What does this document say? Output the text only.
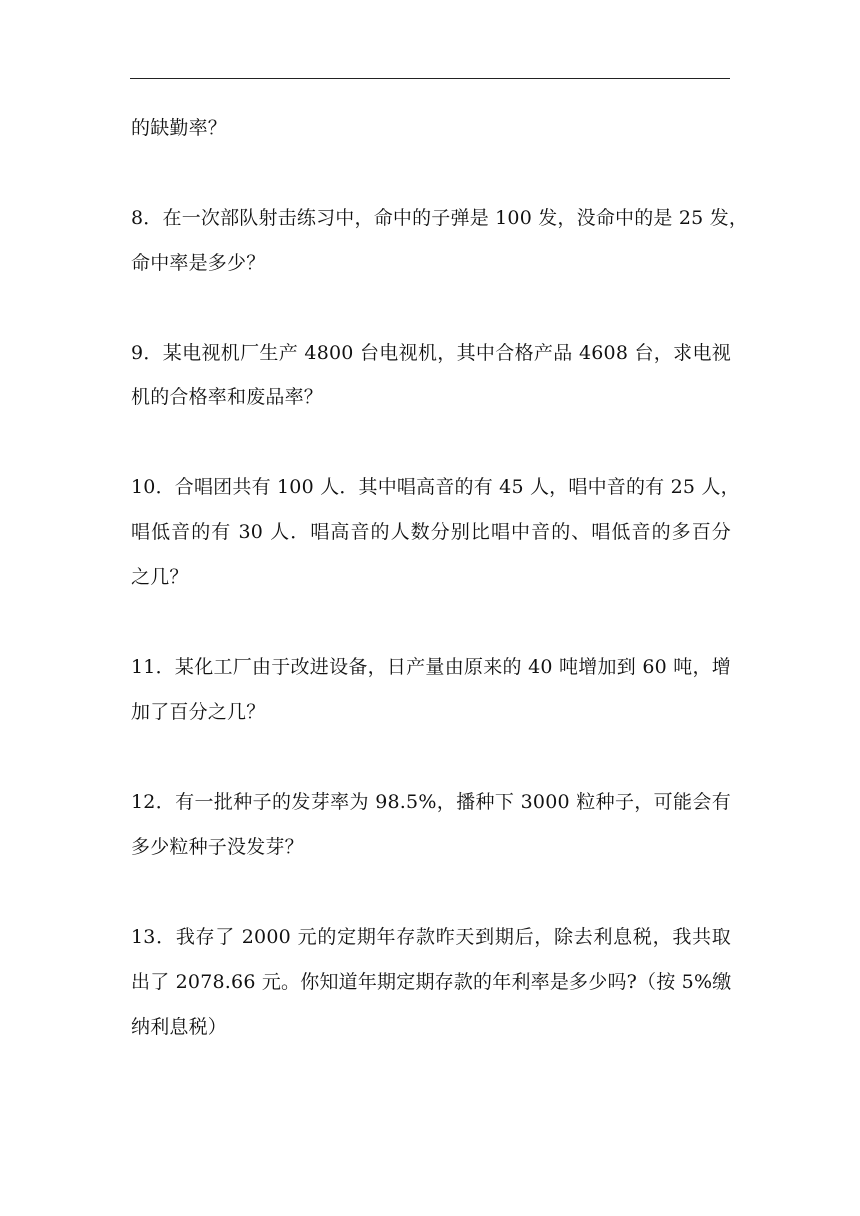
的缺勤率？
8．在一次部队射击练习中，命中的子弹是 100 发，没命中的是 25 发，
命中率是多少？
9．某电视机厂生产 4800 台电视机，其中合格产品 4608 台，求电视
机的合格率和废品率？
10．合唱团共有 100 人．其中唱高音的有 45 人，唱中音的有 25 人，
唱低音的有 30 人．唱高音的人数分别比唱中音的、唱低音的多百分
之几？
11．某化工厂由于改进设备，日产量由原来的 40 吨增加到 60 吨，增
加了百分之几？
12．有一批种子的发芽率为 98.5%，播种下 3000 粒种子，可能会有
多少粒种子没发芽？
13．我存了 2000 元的定期年存款昨天到期后，除去利息税，我共取
出了 2078.66 元。你知道年期定期存款的年利率是多少吗?（按 5%缴
纳利息税）
